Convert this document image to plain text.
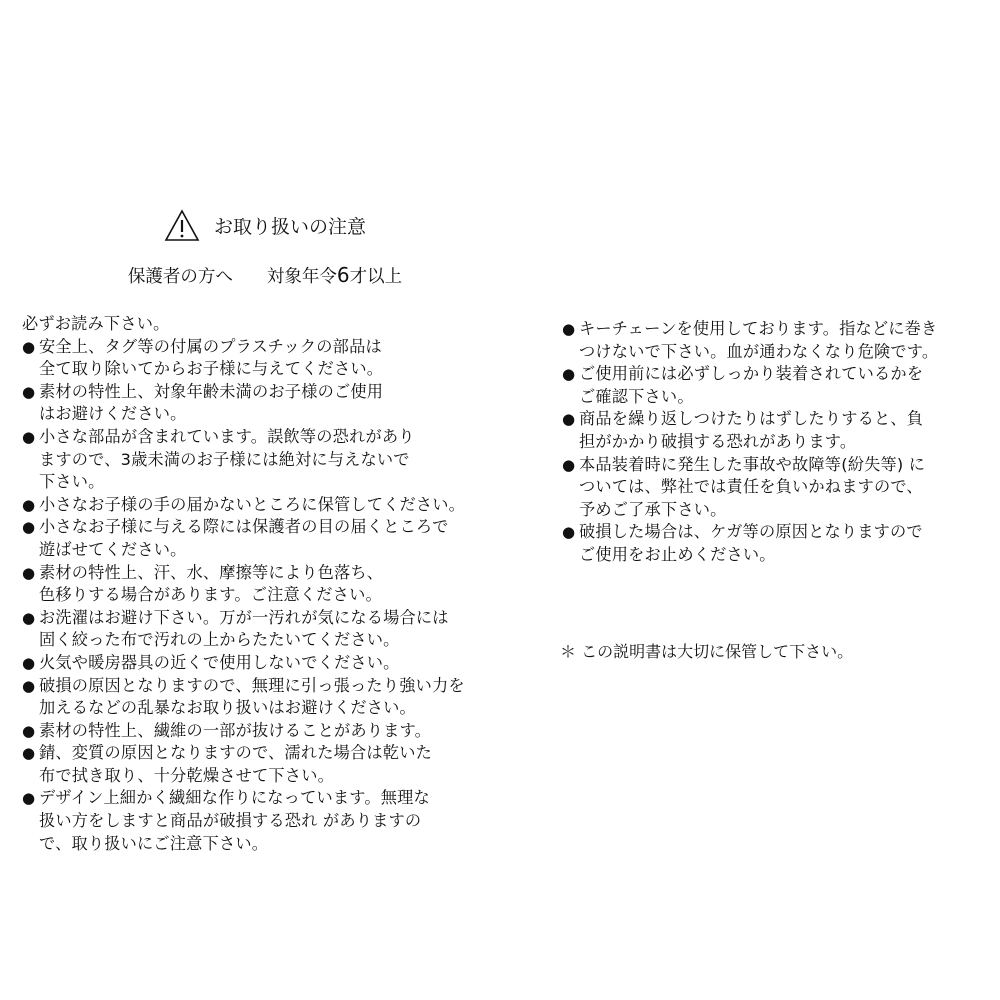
お取り扱いの注意
保護者の方へ 対象年令6才以上

必ずお読み下さい。

● 安全上、タグ等の付属のプラスチックの部品は
全て取り除いてからお子様に与えてください。
● 素材の特性上、対象年齢未満のお子様のご使用
はお避けください。
● 小さな部品が含まれています。誤飲等の恐れがあり
ますので、3歳未満のお子様には絶対に与えないで
下さい。
● 小さなお子様の手の届かないところに保管してください。
● 小さなお子様に与える際には保護者の目の届くところで
遊ばせてください。
● 素材の特性上、汗、水、摩擦等により色落ち、
色移りする場合があります。ご注意ください。
● お洗濯はお避け下さい。万が一汚れが気になる場合には
固く絞った布で汚れの上からたたいてください。
● 火気や暖房器具の近くで使用しないでください。
● 破損の原因となりますので、無理に引っ張ったり強い力を
加えるなどの乱暴なお取り扱いはお避けください。
● 素材の特性上、繊維の一部が抜けることがあります。
● 錆、変質の原因となりますので、濡れた場合は乾いた
布で拭き取り、十分乾燥させて下さい。
● デザイン上細かく繊細な作りになっています。無理な
扱い方をしますと商品が破損する恐れ がありますの
で、取り扱いにご注意下さい。
● キーチェーンを使用しております。指などに巻き
つけないで下さい。血が通わなくなり危険です。
● ご使用前には必ずしっかり装着されているかを
ご確認下さい。
● 商品を繰り返しつけたりはずしたりすると、負
担がかかり破損する恐れがあります。
● 本品装着時に発生した事故や故障等(紛失等) に
ついては、弊社では責任を負いかねますので、
予めご了承下さい。
● 破損した場合は、ケガ等の原因となりますので
ご使用をお止めください。
＊ この説明書は大切に保管して下さい。
